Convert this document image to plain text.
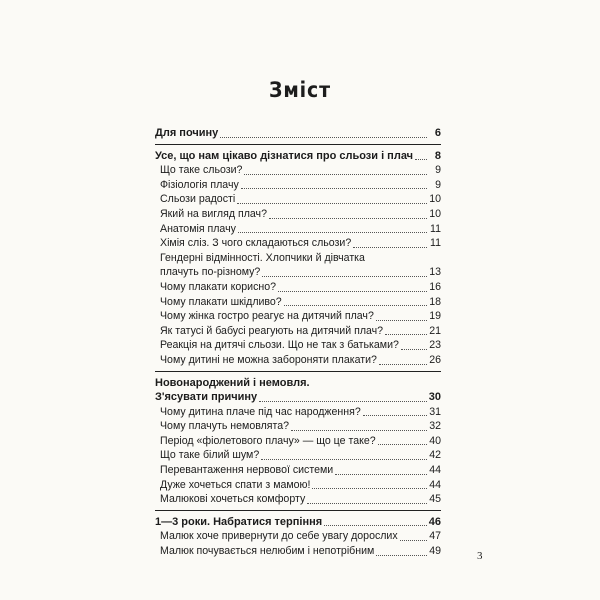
Зміст
Для почину	6
Усе, що нам цікаво дізнатися про сльози і плач	8
Що таке сльози?	9
Фізіологія плачу	9
Сльози радості	10
Який на вигляд плач?	10
Анатомія плачу	11
Хімія сліз. З чого складаються сльози?	11
Гендерні відмінності. Хлопчики й дівчатка
плачуть по-різному?	13
Чому плакати корисно?	16
Чому плакати шкідливо?	18
Чому жінка гостро реагує на дитячий плач?	19
Як татусі й бабусі реагують на дитячий плач?	21
Реакція на дитячі сльози. Що не так з батьками?	23
Чому дитині не можна забороняти плакати?	26
Новонароджений і немовля.
З'ясувати причину	30
Чому дитина плаче під час народження?	31
Чому плачуть немовлята?	32
Період «фіолетового плачу» — що це таке?	40
Що таке білий шум?	42
Перевантаження нервової системи	44
Дуже хочеться спати з мамою!	44
Малюкові хочеться комфорту	45
1—3 роки. Набратися терпіння	46
Малюк хоче привернути до себе увагу дорослих	47
Малюк почувається нелюбим і непотрібним	49	3
